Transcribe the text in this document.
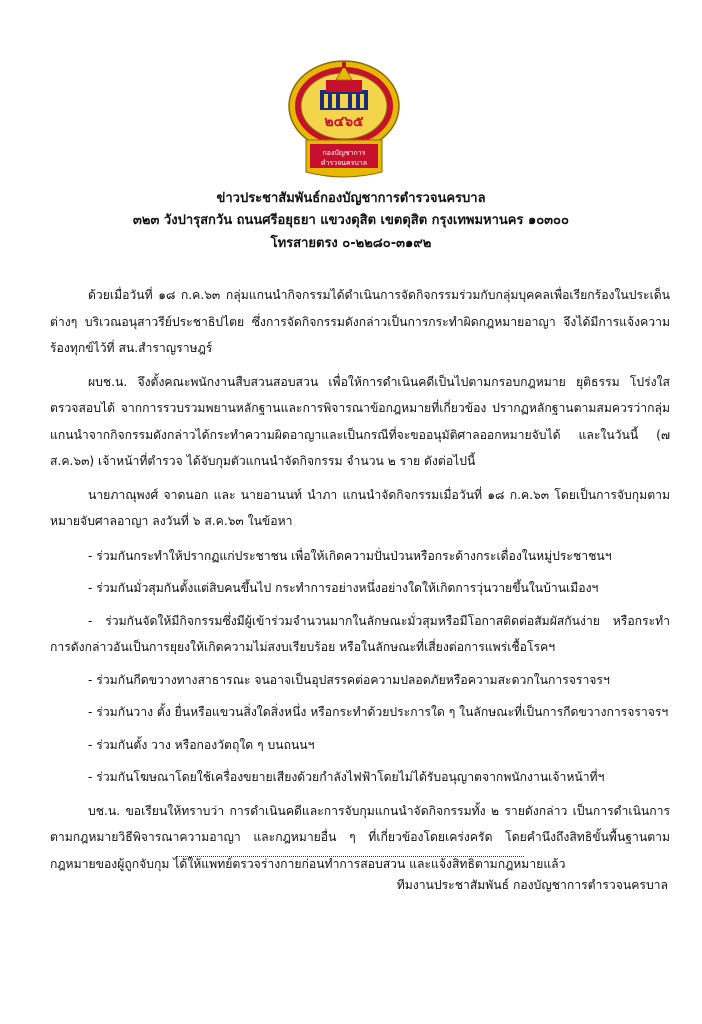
๒๔๖๕
กองบัญชาการ
ตำรวจนครบาล
ข่าวประชาสัมพันธ์กองบัญชาการตำรวจนครบาล
๓๒๓ วังปารุสกวัน ถนนศรีอยุธยา แขวงดุสิต เขตดุสิต กรุงเทพมหานคร ๑๐๓๐๐
โทรสายตรง ๐-๒๒๘๐-๓๑๙๒

ด้วยเมื่อวันที่ ๑๘ ก.ค.๖๓ กลุ่มแกนนำกิจกรรมได้ดำเนินการจัดกิจกรรมร่วมกับกลุ่มบุคคลเพื่อเรียกร้องในประเด็นต่างๆ บริเวณอนุสาวรีย์ประชาธิปไตย ซึ่งการจัดกิจกรรมดังกล่าวเป็นการกระทำผิดกฎหมายอาญา จึงได้มีการแจ้งความร้องทุกข์ไว้ที่ สน.สำราญราษฎร์

ผบช.น. จึงตั้งคณะพนักงานสืบสวนสอบสวน เพื่อให้การดำเนินคดีเป็นไปตามกรอบกฎหมาย ยุติธรรม โปร่งใส ตรวจสอบได้ จากการรวบรวมพยานหลักฐานและการพิจารณาข้อกฎหมายที่เกี่ยวข้อง ปรากฏหลักฐานตามสมควรว่ากลุ่มแกนนำจากกิจกรรมดังกล่าวได้กระทำความผิดอาญาและเป็นกรณีที่จะขออนุมัติศาลออกหมายจับได้ และในวันนี้ (๗ ส.ค.๖๓) เจ้าหน้าที่ตำรวจ ได้จับกุมตัวแกนนำจัดกิจกรรม จำนวน ๒ ราย ดังต่อไปนี้

นายภาณุพงศ์ จาดนอก และ นายอานนท์ นำภา แกนนำจัดกิจกรรมเมื่อวันที่ ๑๘ ก.ค.๖๓ โดยเป็นการจับกุมตามหมายจับศาลอาญา ลงวันที่ ๖ ส.ค.๖๓ ในข้อหา

- ร่วมกันกระทำให้ปรากฏแก่ประชาชน เพื่อให้เกิดความปั่นป่วนหรือกระด้างกระเดื่องในหมู่ประชาชนฯ

- ร่วมกันมั่วสุมกันตั้งแต่สิบคนขึ้นไป กระทำการอย่างหนึ่งอย่างใดให้เกิดการวุ่นวายขึ้นในบ้านเมืองฯ

- ร่วมกันจัดให้มีกิจกรรมซึ่งมีผู้เข้าร่วมจำนวนมากในลักษณะมั่วสุมหรือมีโอกาสติดต่อสัมผัสกันง่าย หรือกระทำการดังกล่าวอันเป็นการยุยงให้เกิดความไม่สงบเรียบร้อย หรือในลักษณะที่เสี่ยงต่อการแพร่เชื้อโรคฯ

- ร่วมกันกีดขวางทางสาธารณะ จนอาจเป็นอุปสรรคต่อความปลอดภัยหรือความสะดวกในการจราจรฯ

- ร่วมกันวาง ตั้ง ยื่นหรือแขวนสิ่งใดสิ่งหนึ่ง หรือกระทำด้วยประการใด ๆ ในลักษณะที่เป็นการกีดขวางการจราจรฯ

- ร่วมกันตั้ง วาง หรือกองวัตถุใด ๆ บนถนนฯ

- ร่วมกันโฆษณาโดยใช้เครื่องขยายเสียงด้วยกำลังไฟฟ้าโดยไม่ได้รับอนุญาตจากพนักงานเจ้าหน้าที่ฯ

บช.น. ขอเรียนให้ทราบว่า การดำเนินคดีและการจับกุมแกนนำจัดกิจกรรมทั้ง ๒ รายดังกล่าว เป็นการดำเนินการตามกฎหมายวิธีพิจารณาความอาญา และกฎหมายอื่น ๆ ที่เกี่ยวข้องโดยเคร่งครัด โดยคำนึงถึงสิทธิขั้นพื้นฐานตามกฎหมายของผู้ถูกจับกุม ได้ให้แพทย์ตรวจร่างกายก่อนทำการสอบสวน และแจ้งสิทธิตามกฎหมายแล้ว

ทีมงานประชาสัมพันธ์ กองบัญชาการตำรวจนครบาล
